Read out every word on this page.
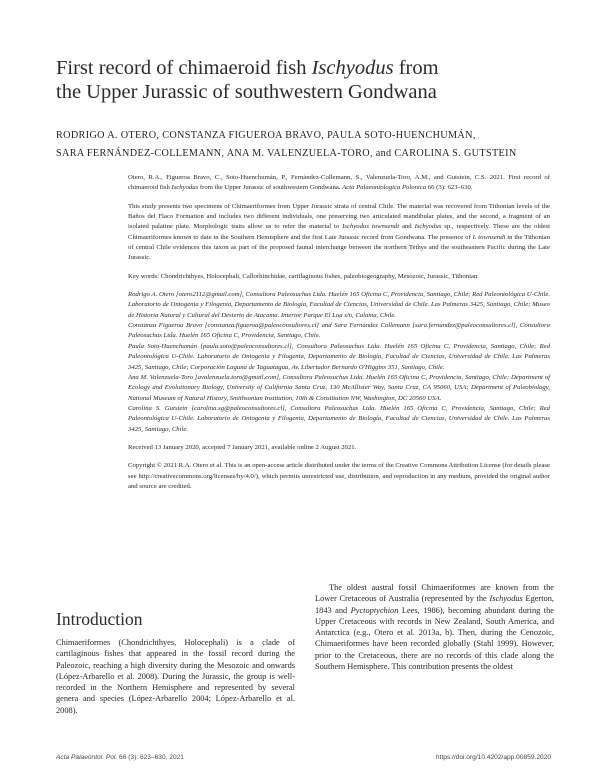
First record of chimaeroid fish Ischyodus from
the Upper Jurassic of southwestern Gondwana
RODRIGO A. OTERO, CONSTANZA FIGUEROA BRAVO, PAULA SOTO-HUENCHUMÁN,
SARA FERNÁNDEZ-COLLEMANN, ANA M. VALENZUELA-TORO, and CAROLINA S. GUTSTEIN

Otero, R.A., Figueroa Bravo, C., Soto-Huenchumán, P., Fernández-Collemann, S., Valenzuela-Toro, A.M., and Gutstein, C.S. 2021. First record of chimaeroid fish Ischyodus from the Upper Jurassic of southwestern Gondwana. Acta Palaeontologica Polonica 66 (3): 623–630.

This study presents two specimens of Chimaeriformes from Upper Jurassic strata of central Chile. The material was recovered from Tithonian levels of the Baños del Flaco Formation and includes two different individuals, one preserving two articulated mandibular plates, and the second, a fragment of an isolated palatine plate. Morphologic traits allow us to refer the material to Ischyodus townsendi and Ischyodus sp., respectively. These are the oldest Chimaeriformes known to date in the Southern Hemisphere and the first Late Jurassic record from Gondwana. The presence of I. townsendi in the Tithonian of central Chile evidences this taxon as part of the proposed faunal interchange between the northern Tethys and the southeastern Pacific during the Late Jurassic.

Key words: Chondrichthyes, Holocephali, Callorhinchidae, cartilaginous fishes, paleobiogeography, Mesozoic, Jurassic, Tithonian.

Rodrigo A. Otero [otero2112@gmail.com], Consultora Paleosuchus Ltda. Huelén 165 Oficina C, Providencia, Santiago, Chile; Red Paleontológica U-Chile. Laboratorio de Ontogenia y Filogenia, Departamento de Biología, Facultad de Ciencias, Universidad de Chile. Las Palmeras 3425, Santiago, Chile; Museo de Historia Natural y Cultural del Desierto de Atacama. Interior Parque El Loa s/n, Calama, Chile.

Constanza Figueroa Bravo [constanza.figueroa@paleoconsultores.cl] and Sara Fernández Collemann [sara.fernandez@paleoconsultores.cl], Consultora Paleosuchus Ltda. Huelén 165 Oficina C, Providencia, Santiago, Chile.

Paula Soto-Huenchumán [paula.soto@paleoconsultores.cl], Consultora Paleosuchus Ltda. Huelén 165 Oficina C, Providencia, Santiago, Chile; Red Paleontológica U-Chile. Laboratorio de Ontogenia y Filogenia, Departamento de Biología, Facultad de Ciencias, Universidad de Chile. Las Palmeras 3425, Santiago, Chile; Corporación Laguna de Taguatagua, Av. Libertador Bernardo O'Higgins 351, Santiago, Chile.

Ana M. Valenzuela-Toro [avalenzuela.toro@gmail.com], Consultora Paleosuchus Ltda. Huelén 165 Oficina C, Providencia, Santiago, Chile; Department of Ecology and Evolutionary Biology, University of California Santa Cruz, 130 McAllister Way, Santa Cruz, CA 95060, USA; Department of Paleobiology, National Museum of Natural History, Smithsonian Institution, 10th & Constitution NW, Washington, DC 20560 USA.

Carolina S. Gutstein [carolina.sg@paleoconsultores.cl], Consultora Paleosuchus Ltda. Huelén 165 Oficina C, Providencia, Santiago, Chile; Red Paleontológica U-Chile. Laboratorio de Ontogenia y Filogenia, Departamento de Biología, Facultad de Ciencias, Universidad de Chile. Las Palmeras 3425, Santiago, Chile.

Received 13 January 2020, accepted 7 January 2021, available online 2 August 2021.

Copyright © 2021 R.A. Otero et al. This is an open-access article distributed under the terms of the Creative Commons Attribution License (for details please see http://creativecommons.org/licenses/by/4.0/), which permits unrestricted use, distribution, and reproduction in any medium, provided the original author and source are credited.

Introduction

Chimaeriformes (Chondrichthyes, Holocephali) is a clade of cartilaginous fishes that appeared in the fossil record during the Paleozoic, reaching a high diversity during the Mesozoic and onwards (López-Arbarello et al. 2008). During the Jurassic, the group is well-recorded in the Northern Hemisphere and represented by several genera and species (López-Arbarello 2004; López-Arbarello et al. 2008).

The oldest austral fossil Chimaeriformes are known from the Lower Cretaceous of Australia (represented by the Ischyodus Egerton, 1843 and Pyctoptychion Lees, 1986), becoming abundant during the Upper Cretaceous with records in New Zealand, South America, and Antarctica (e.g., Otero et al. 2013a, b). Then, during the Cenozoic, Chimaeriformes have been recorded globally (Stahl 1999). However, prior to the Cretaceous, there are no records of this clade along the Southern Hemisphere. This contribution presents the oldest

Acta Palaeontol. Pol. 66 (3): 623–630, 2021	https://doi.org/10.4202/app.00859.2020
